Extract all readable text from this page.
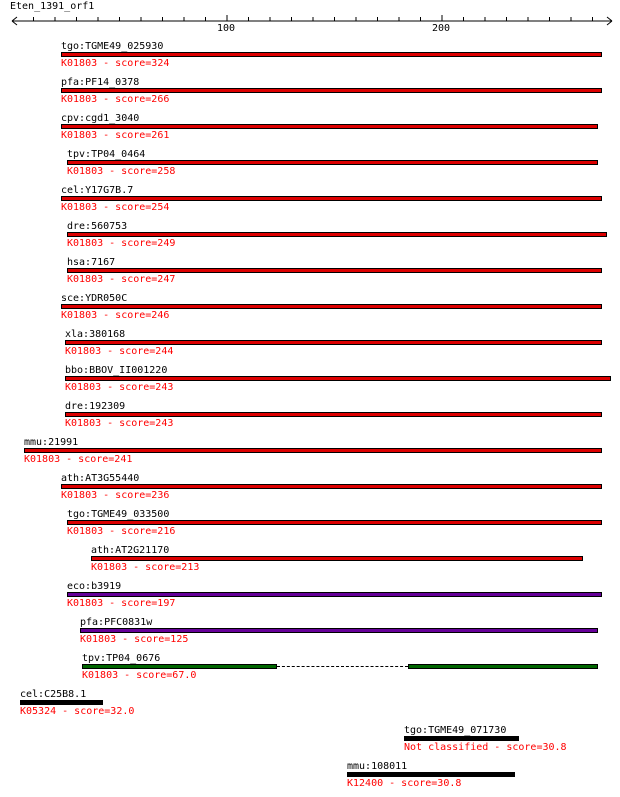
Eten_1391_orf1
100	200
tgo:TGME49_025930
K01803 - score=324
pfa:PF14_0378
K01803 - score=266
cpv:cgd1_3040
K01803 - score=261
tpv:TP04_0464
K01803 - score=258
cel:Y17G7B.7
K01803 - score=254
dre:560753
K01803 - score=249
hsa:7167
K01803 - score=247
sce:YDR050C
K01803 - score=246
xla:380168
K01803 - score=244
bbo:BBOV_II001220
K01803 - score=243
dre:192309
K01803 - score=243
mmu:21991
K01803 - score=241
ath:AT3G55440
K01803 - score=236
tgo:TGME49_033500
K01803 - score=216
ath:AT2G21170
K01803 - score=213
eco:b3919
K01803 - score=197
pfa:PFC0831w
K01803 - score=125
tpv:TP04_0676
K01803 - score=67.0
cel:C25B8.1
K05324 - score=32.0
tgo:TGME49_071730
Not classified - score=30.8
mmu:108011
K12400 - score=30.8
